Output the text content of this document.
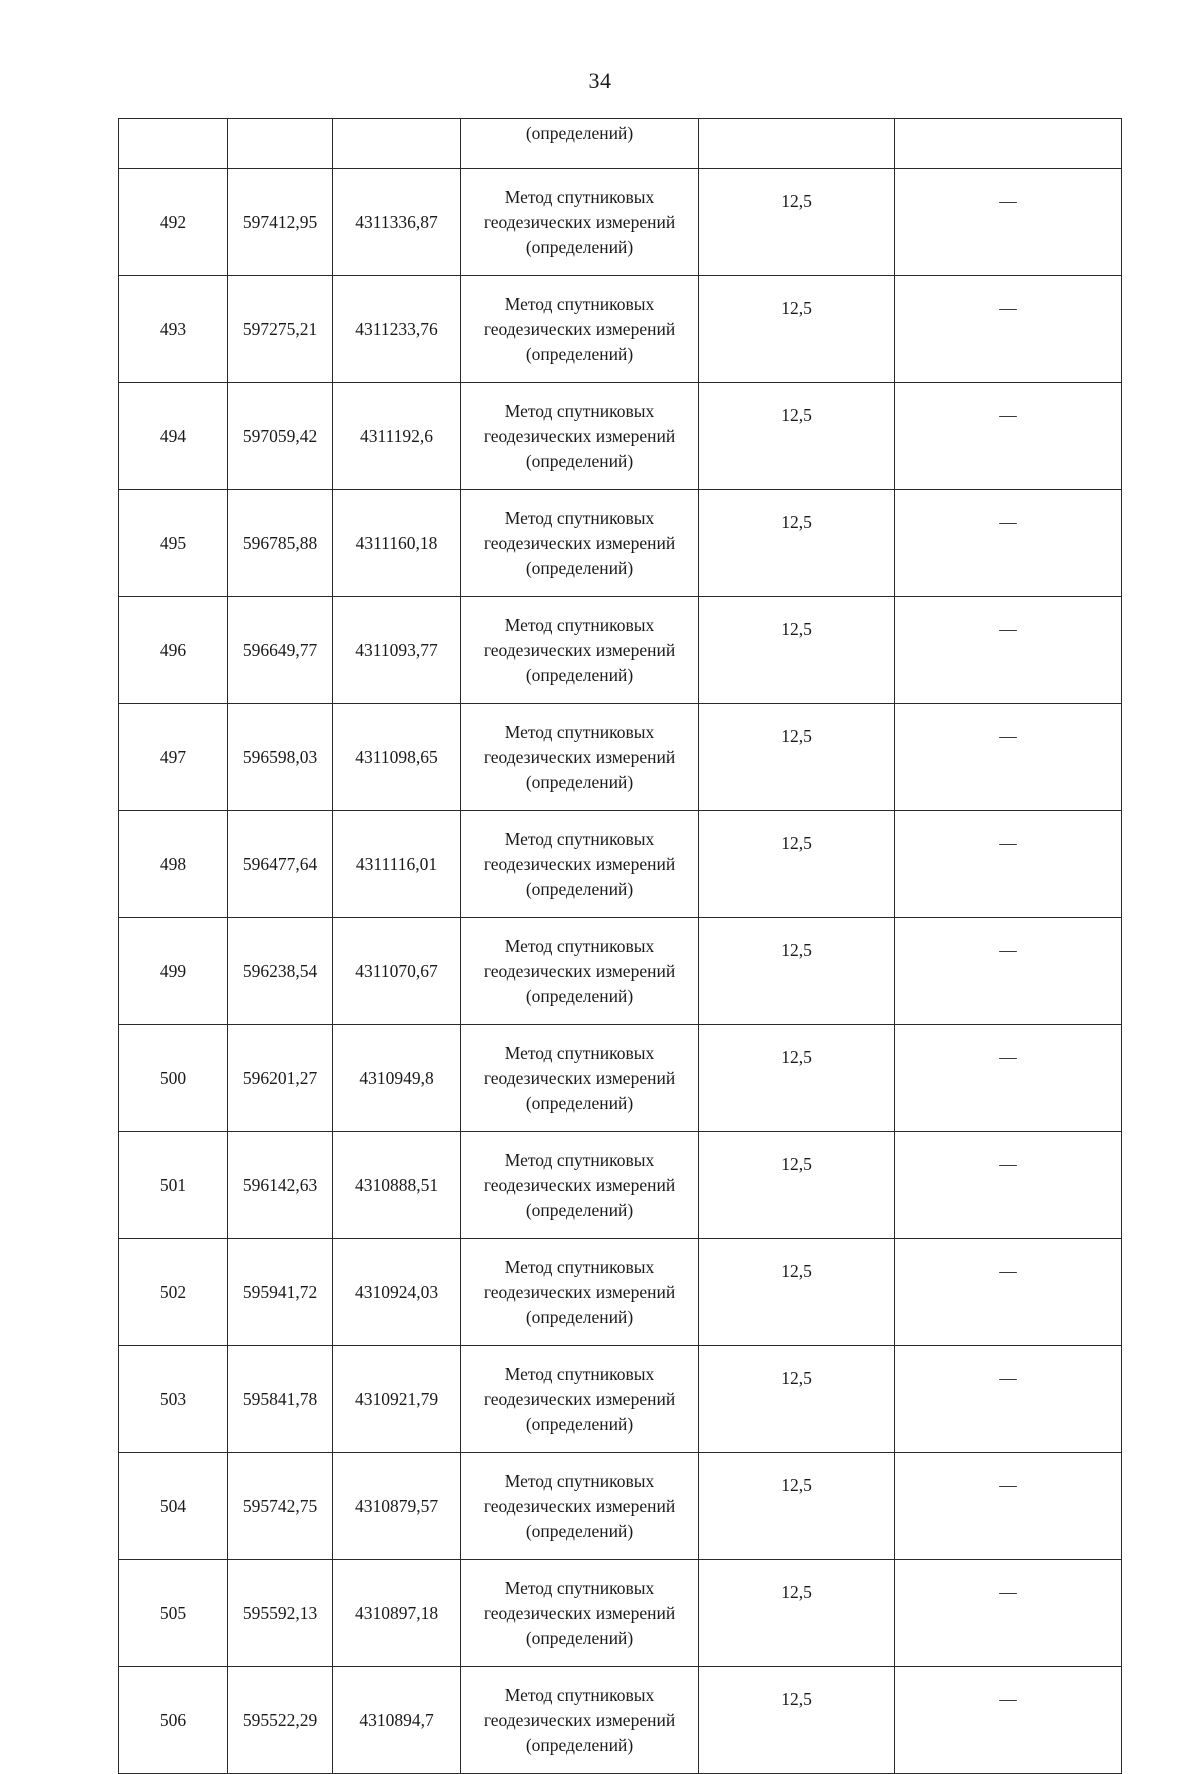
34
			(определений)		
492	597412,95	4311336,87	Метод спутниковых
геодезических измерений
(определений)	12,5	—
493	597275,21	4311233,76	Метод спутниковых
геодезических измерений
(определений)	12,5	—
494	597059,42	4311192,6	Метод спутниковых
геодезических измерений
(определений)	12,5	—
495	596785,88	4311160,18	Метод спутниковых
геодезических измерений
(определений)	12,5	—
496	596649,77	4311093,77	Метод спутниковых
геодезических измерений
(определений)	12,5	—
497	596598,03	4311098,65	Метод спутниковых
геодезических измерений
(определений)	12,5	—
498	596477,64	4311116,01	Метод спутниковых
геодезических измерений
(определений)	12,5	—
499	596238,54	4311070,67	Метод спутниковых
геодезических измерений
(определений)	12,5	—
500	596201,27	4310949,8	Метод спутниковых
геодезических измерений
(определений)	12,5	—
501	596142,63	4310888,51	Метод спутниковых
геодезических измерений
(определений)	12,5	—
502	595941,72	4310924,03	Метод спутниковых
геодезических измерений
(определений)	12,5	—
503	595841,78	4310921,79	Метод спутниковых
геодезических измерений
(определений)	12,5	—
504	595742,75	4310879,57	Метод спутниковых
геодезических измерений
(определений)	12,5	—
505	595592,13	4310897,18	Метод спутниковых
геодезических измерений
(определений)	12,5	—
506	595522,29	4310894,7	Метод спутниковых
геодезических измерений
(определений)	12,5	—
